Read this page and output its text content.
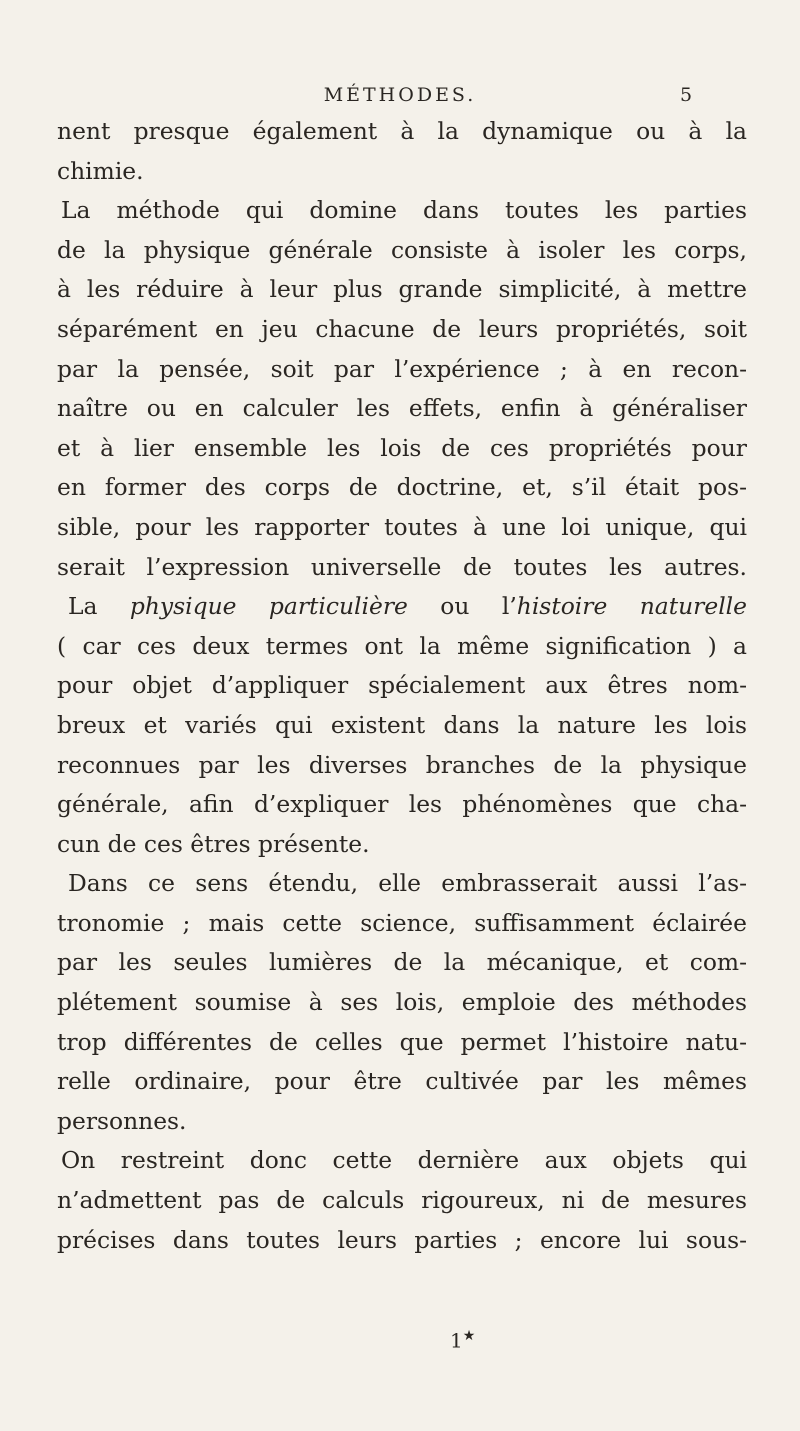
MÉTHODES.	5
nent presque également à la dynamique ou à la
chimie.
La méthode qui domine dans toutes les parties
de la physique générale consiste à isoler les corps,
à les réduire à leur plus grande simplicité, à mettre
séparément en jeu chacune de leurs propriétés, soit
par la pensée, soit par l’expérience ; à en recon-
naître ou en calculer les effets, enfin à généraliser
et à lier ensemble les lois de ces propriétés pour
en former des corps de doctrine, et, s’il était pos-
sible, pour les rapporter toutes à une loi unique, qui
serait l’expression universelle de toutes les autres.
La physique particulière ou l’histoire naturelle
( car ces deux termes ont la même signification ) a
pour objet d’appliquer spécialement aux êtres nom-
breux et variés qui existent dans la nature les lois
reconnues par les diverses branches de la physique
générale, afin d’expliquer les phénomènes que cha-
cun de ces êtres présente.
Dans ce sens étendu, elle embrasserait aussi l’as-
tronomie ; mais cette science, suffisamment éclairée
par les seules lumières de la mécanique, et com-
plétement soumise à ses lois, emploie des méthodes
trop différentes de celles que permet l’histoire natu-
relle ordinaire, pour être cultivée par les mêmes
personnes.
On restreint donc cette dernière aux objets qui
n’admettent pas de calculs rigoureux, ni de mesures
précises dans toutes leurs parties ; encore lui sous-
1★
